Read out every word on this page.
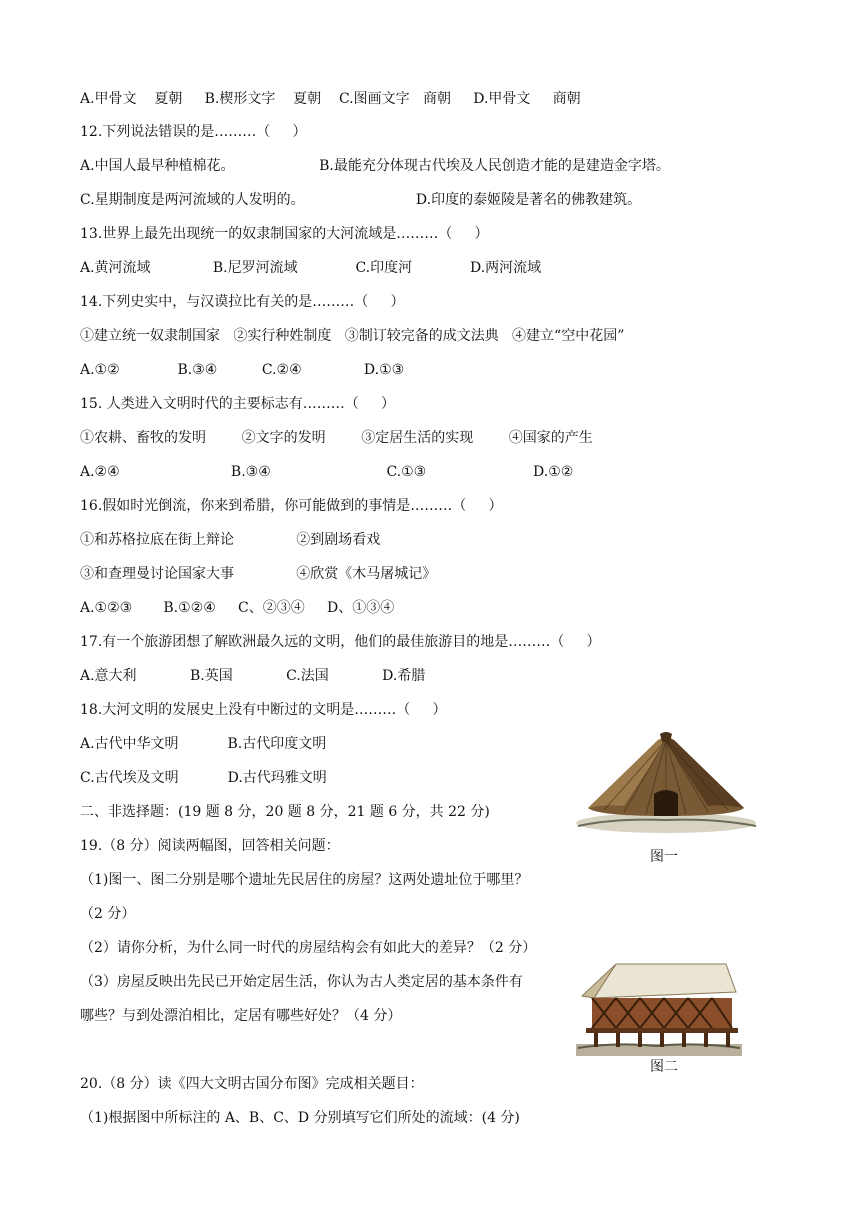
A.甲骨文    夏朝     B.楔形文字    夏朝    C.图画文字   商朝     D.甲骨文     商朝
12.下列说法错误的是………（     ）
A.中国人最早种植棉花。                   B.最能充分体现古代埃及人民创造才能的是建造金字塔。
C.星期制度是两河流域的人发明的。                         D.印度的泰姬陵是著名的佛教建筑。
13.世界上最先出现统一的奴隶制国家的大河流域是………（     ）
A.黄河流域              B.尼罗河流域             C.印度河             D.两河流域
14.下列史实中，与汉谟拉比有关的是………（     ）
①建立统一奴隶制国家   ②实行种姓制度   ③制订较完备的成文法典   ④建立“空中花园”
A.①②             B.③④          C.②④              D.①③
15. 人类进入文明时代的主要标志有………（     ）
①农耕、畜牧的发明        ②文字的发明        ③定居生活的实现        ④国家的产生
A.②④                         B.③④                          C.①③                        D.①②
16.假如时光倒流，你来到希腊，你可能做到的事情是………（     ）
①和苏格拉底在街上辩论              ②到剧场看戏
③和查理曼讨论国家大事              ④欣赏《木马屠城记》
A.①②③       B.①②④     C、②③④     D、①③④
17.有一个旅游团想了解欧洲最久远的文明，他们的最佳旅游目的地是………（     ）
A.意大利            B.英国            C.法国            D.希腊
18.大河文明的发展史上没有中断过的文明是………（     ）
A.古代中华文明           B.古代印度文明
C.古代埃及文明           D.古代玛雅文明
二、非选择题：(19 题 8 分，20 题 8 分，21 题 6 分，共 22 分)
19.（8 分）阅读两幅图，回答相关问题：
（1)图一、图二分别是哪个遗址先民居住的房屋？这两处遗址位于哪里？
（2 分）
（2）请你分析，为什么同一时代的房屋结构会有如此大的差异？（2 分）
（3）房屋反映出先民已开始定居生活，你认为古人类定居的基本条件有
哪些？与到处漂泊相比，定居有哪些好处？（4 分）
20.（8 分）读《四大文明古国分布图》完成相关题目：
（1)根据图中所标注的 A、B、C、D 分别填写它们所处的流域：(4 分)
图一
图二
